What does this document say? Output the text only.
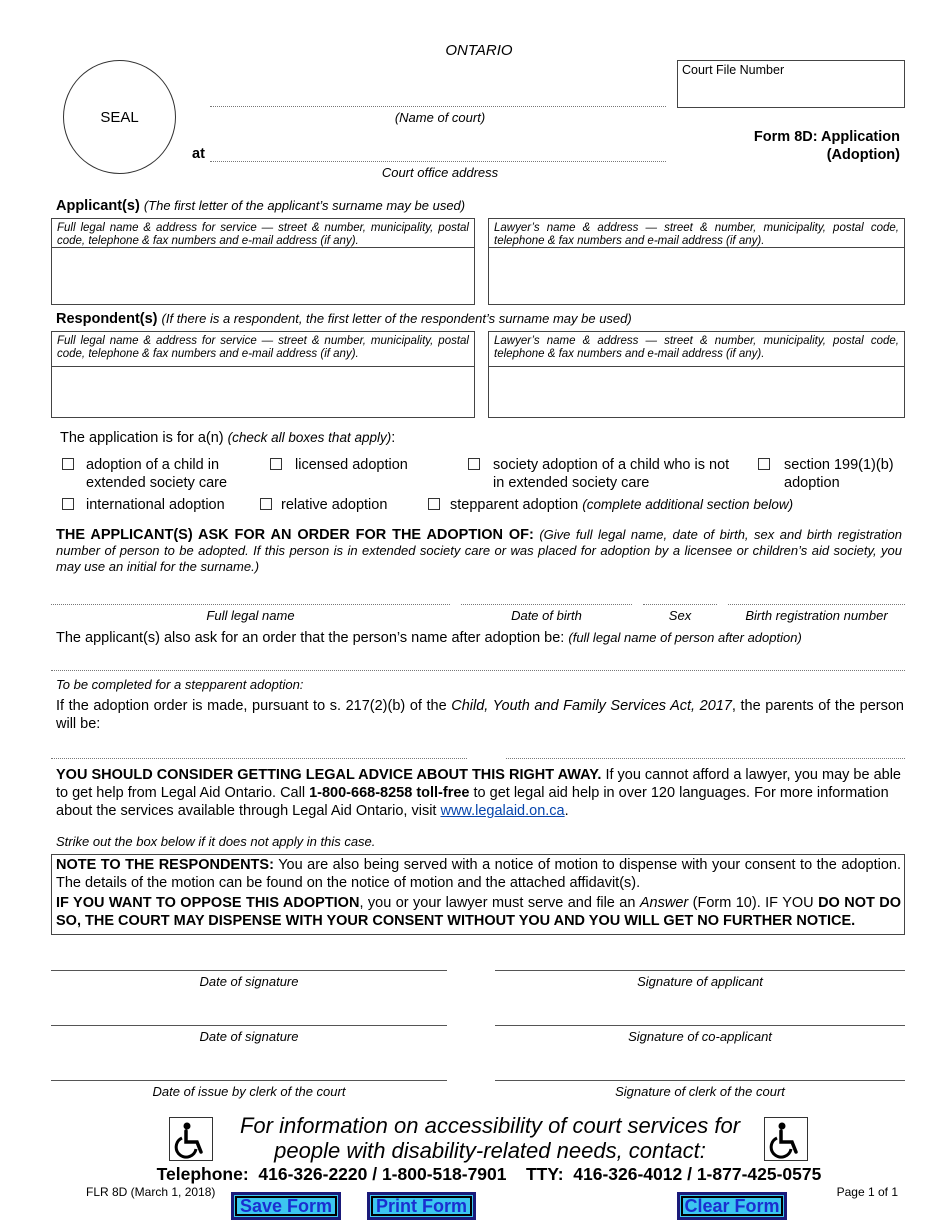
ONTARIO
SEAL
Court File Number
(Name of court)
at
Court office address
Form 8D: Application
(Adoption)
Applicant(s) (The first letter of the applicant’s surname may be used)
Full legal name & address for service — street & number, municipality, postal code, telephone & fax numbers and e-mail address (if any).
Lawyer’s name & address — street & number, municipality, postal code, telephone & fax numbers and e-mail address (if any).
Respondent(s) (If there is a respondent, the first letter of the respondent’s surname may be used)
Full legal name & address for service — street & number, municipality, postal code, telephone & fax numbers and e-mail address (if any).
Lawyer’s name & address — street & number, municipality, postal code, telephone & fax numbers and e-mail address (if any).
The application is for a(n) (check all boxes that apply):
adoption of a child in extended society care
licensed adoption	society adoption of a child who is not in extended society care
section 199(1)(b) adoption
international adoption	relative adoption	stepparent adoption (complete additional section below)
THE APPLICANT(S) ASK FOR AN ORDER FOR THE ADOPTION OF: (Give full legal name, date of birth, sex and birth registration number of person to be adopted. If this person is in extended society care or was placed for adoption by a licensee or children’s aid society, you may use an initial for the surname.)
Full legal name	Date of birth	Sex	Birth registration number
The applicant(s) also ask for an order that the person’s name after adoption be: (full legal name of person after adoption)
To be completed for a stepparent adoption:
If the adoption order is made, pursuant to s. 217(2)(b) of the Child, Youth and Family Services Act, 2017, the parents of the person will be:
YOU SHOULD CONSIDER GETTING LEGAL ADVICE ABOUT THIS RIGHT AWAY. If you cannot afford a lawyer, you may be able to get help from Legal Aid Ontario. Call 1-800-668-8258 toll-free to get legal aid help in over 120 languages. For more information about the services available through Legal Aid Ontario, visit www.legalaid.on.ca.
Strike out the box below if it does not apply in this case.
NOTE TO THE RESPONDENTS: You are also being served with a notice of motion to dispense with your consent to the adoption. The details of the motion can be found on the notice of motion and the attached affidavit(s).
IF YOU WANT TO OPPOSE THIS ADOPTION, you or your lawyer must serve and file an Answer (Form 10). IF YOU DO NOT DO SO, THE COURT MAY DISPENSE WITH YOUR CONSENT WITHOUT YOU AND YOU WILL GET NO FURTHER NOTICE.
Date of signature	Signature of applicant
Date of signature	Signature of co-applicant
Date of issue by clerk of the court	Signature of clerk of the court
For information on accessibility of court services for
people with disability-related needs, contact:
Telephone:  416-326-2220 / 1-800-518-7901    TTY:  416-326-4012 / 1-877-425-0575
FLR 8D (March 1, 2018)	Page 1 of 1
Save Form	Print Form	Clear Form
